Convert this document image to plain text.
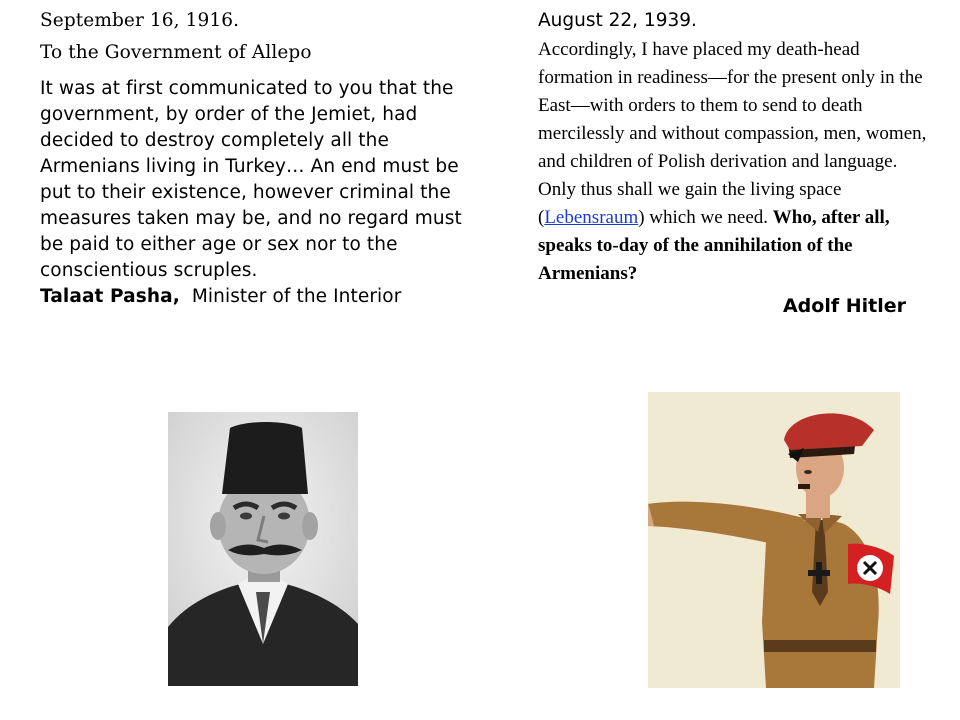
September 16, 1916.

To the Government of Allepo

It was at first communicated to you that the government, by order of the Jemiet, had decided to destroy completely all the Armenians living in Turkey… An end must be put to their existence, however criminal the measures taken may be, and no regard must be paid to either age or sex nor to the conscientious scruples.

Talaat Pasha, Minister of the Interior

August 22, 1939.

Accordingly, I have placed my death-head formation in readiness—for the present only in the East—with orders to them to send to death mercilessly and without compassion, men, women, and children of Polish derivation and language. Only thus shall we gain the living space (Lebensraum) which we need. Who, after all, speaks to-day of the annihilation of the Armenians?

Adolf Hitler
